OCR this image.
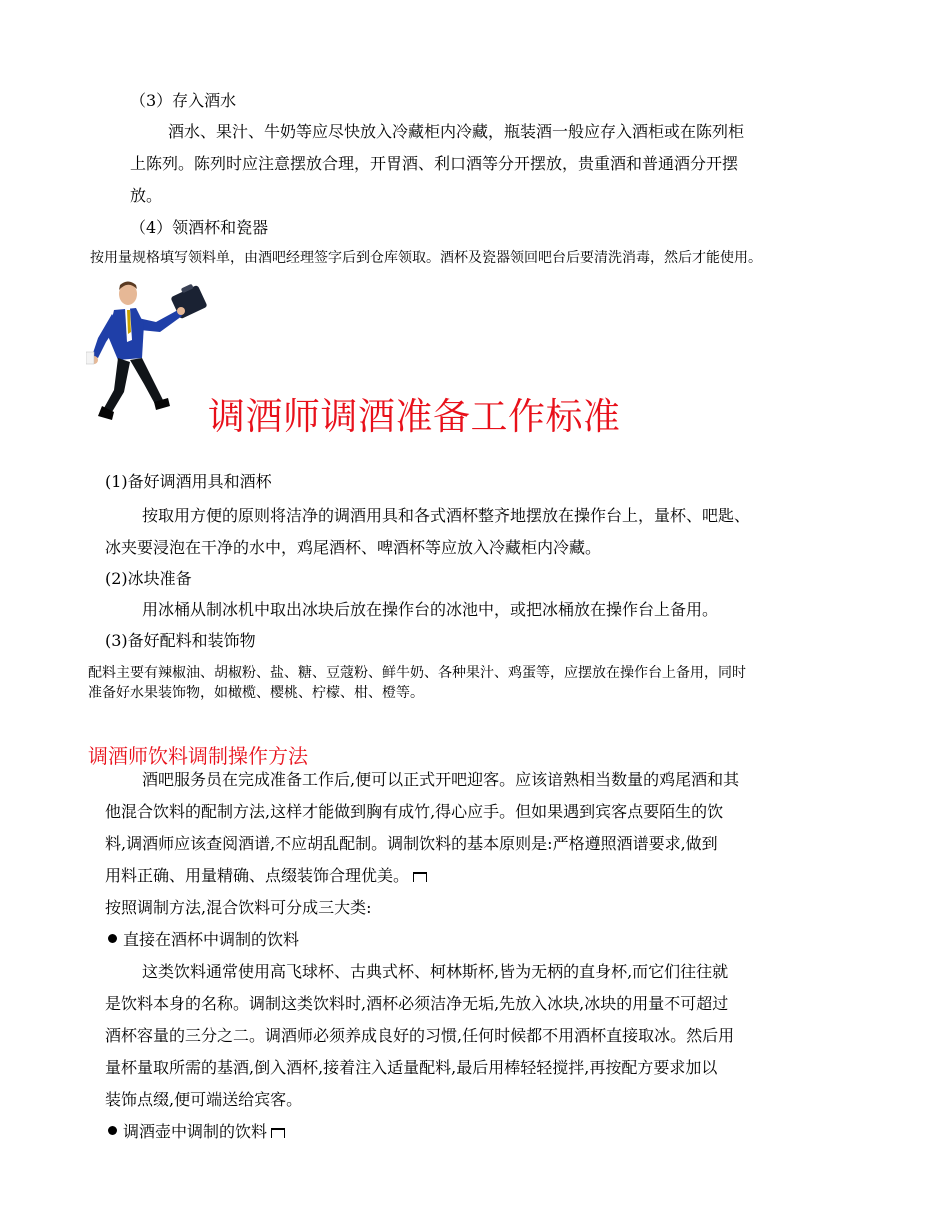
（3）存入酒水

酒水、果汁、牛奶等应尽快放入冷藏柜内冷藏，瓶装酒一般应存入酒柜或在陈列柜

上陈列。陈列时应注意摆放合理，开胃酒、利口酒等分开摆放，贵重酒和普通酒分开摆

放。

（4）领酒杯和瓷器

按用量规格填写领料单，由酒吧经理签字后到仓库领取。酒杯及瓷器领回吧台后要清洗消毒，然后才能使用。

调酒师调酒准备工作标准

(1)备好调酒用具和酒杯

按取用方便的原则将洁净的调酒用具和各式酒杯整齐地摆放在操作台上，量杯、吧匙、

冰夹要浸泡在干净的水中，鸡尾酒杯、啤酒杯等应放入冷藏柜内冷藏。

(2)冰块准备

用冰桶从制冰机中取出冰块后放在操作台的冰池中，或把冰桶放在操作台上备用。

(3)备好配料和装饰物

配料主要有辣椒油、胡椒粉、盐、糖、豆蔻粉、鲜牛奶、各种果汁、鸡蛋等，应摆放在操作台上备用，同时

准备好水果装饰物，如橄榄、樱桃、柠檬、柑、橙等。

调酒师饮料调制操作方法

酒吧服务员在完成准备工作后,便可以正式开吧迎客。应该谙熟相当数量的鸡尾酒和其

他混合饮料的配制方法,这样才能做到胸有成竹,得心应手。但如果遇到宾客点要陌生的饮

料,调酒师应该查阅酒谱,不应胡乱配制。调制饮料的基本原则是:严格遵照酒谱要求,做到

用料正确、用量精确、点缀装饰合理优美。

按照调制方法,混合饮料可分成三大类:

直接在酒杯中调制的饮料

这类饮料通常使用高飞球杯、古典式杯、柯林斯杯,皆为无柄的直身杯,而它们往往就

是饮料本身的名称。调制这类饮料时,酒杯必须洁净无垢,先放入冰块,冰块的用量不可超过

酒杯容量的三分之二。调酒师必须养成良好的习惯,任何时候都不用酒杯直接取冰。然后用

量杯量取所需的基酒,倒入酒杯,接着注入适量配料,最后用棒轻轻搅拌,再按配方要求加以

装饰点缀,便可端送给宾客。

调酒壶中调制的饮料
